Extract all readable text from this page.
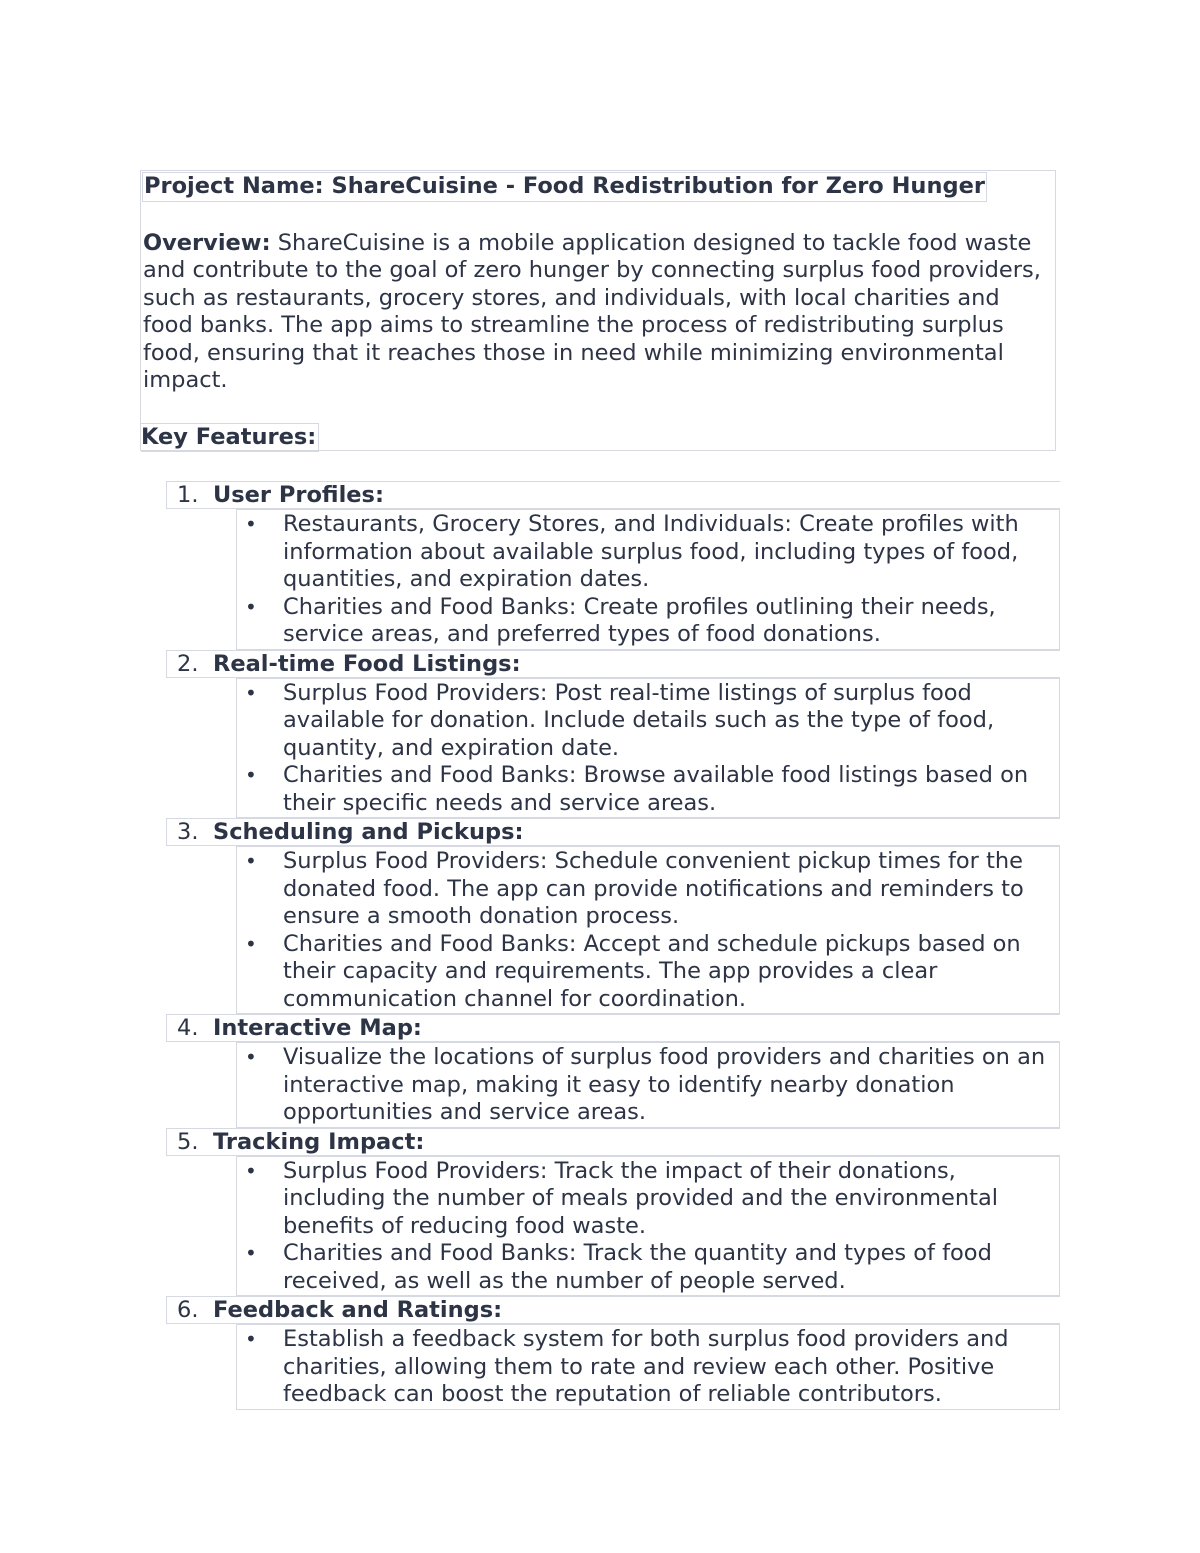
Project Name: ShareCuisine - Food Redistribution for Zero Hunger
Overview: ShareCuisine is a mobile application designed to tackle food waste and contribute to the goal of zero hunger by connecting surplus food providers, such as restaurants, grocery stores, and individuals, with local charities and food banks. The app aims to streamline the process of redistributing surplus food, ensuring that it reaches those in need while minimizing environmental impact.
Key Features:
1. User Profiles:
• Restaurants, Grocery Stores, and Individuals: Create profiles with information about available surplus food, including types of food, quantities, and expiration dates.
• Charities and Food Banks: Create profiles outlining their needs, service areas, and preferred types of food donations.
2. Real-time Food Listings:
• Surplus Food Providers: Post real-time listings of surplus food available for donation. Include details such as the type of food, quantity, and expiration date.
• Charities and Food Banks: Browse available food listings based on their specific needs and service areas.
3. Scheduling and Pickups:
• Surplus Food Providers: Schedule convenient pickup times for the donated food. The app can provide notifications and reminders to ensure a smooth donation process.
• Charities and Food Banks: Accept and schedule pickups based on their capacity and requirements. The app provides a clear communication channel for coordination.
4. Interactive Map:
• Visualize the locations of surplus food providers and charities on an interactive map, making it easy to identify nearby donation opportunities and service areas.
5. Tracking Impact:
• Surplus Food Providers: Track the impact of their donations, including the number of meals provided and the environmental benefits of reducing food waste.
• Charities and Food Banks: Track the quantity and types of food received, as well as the number of people served.
6. Feedback and Ratings:
• Establish a feedback system for both surplus food providers and charities, allowing them to rate and review each other. Positive feedback can boost the reputation of reliable contributors.
